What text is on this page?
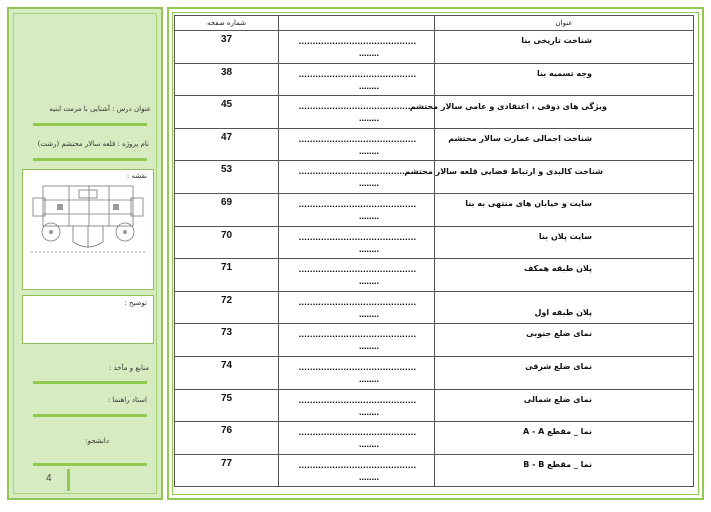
عنوان درس : آشنایی با مرمت ابنیه
نام پروژه : قلعه سالار محتشم (رشت)
نقشه :
توضیح :
منابع و مآخذ :
استاد راهنما :
دانشجو:
4
شماره صفحه		عنوان

37	..........................................
........	شناخت تاریخی بنا

38	..........................................
........	وجه تسمیه بنا

45	..........................................
........	ویژگی های ذوقی ، اعتقادی و عامی سالار محتشم

47	..........................................
........	شناخت اجمالی عمارت سالار محتشم

53	..........................................
........	شناخت کالبدی و ارتباط فضایی قلعه سالار محتشم

69	..........................................
........	سایت و خیابان های منتهی به بنا

70	..........................................
........	سایت پلان بنا

71	..........................................
........	پلان طبقه همکف

72	..........................................
........	پلان طبقه اول

73	..........................................
........	نمای ضلع جنوبی

74	..........................................
........	نمای ضلع شرقی

75	..........................................
........	نمای ضلع شمالی

76	..........................................
........	نما _ مقطع A - A

77	..........................................
........	نما _ مقطع B - B
